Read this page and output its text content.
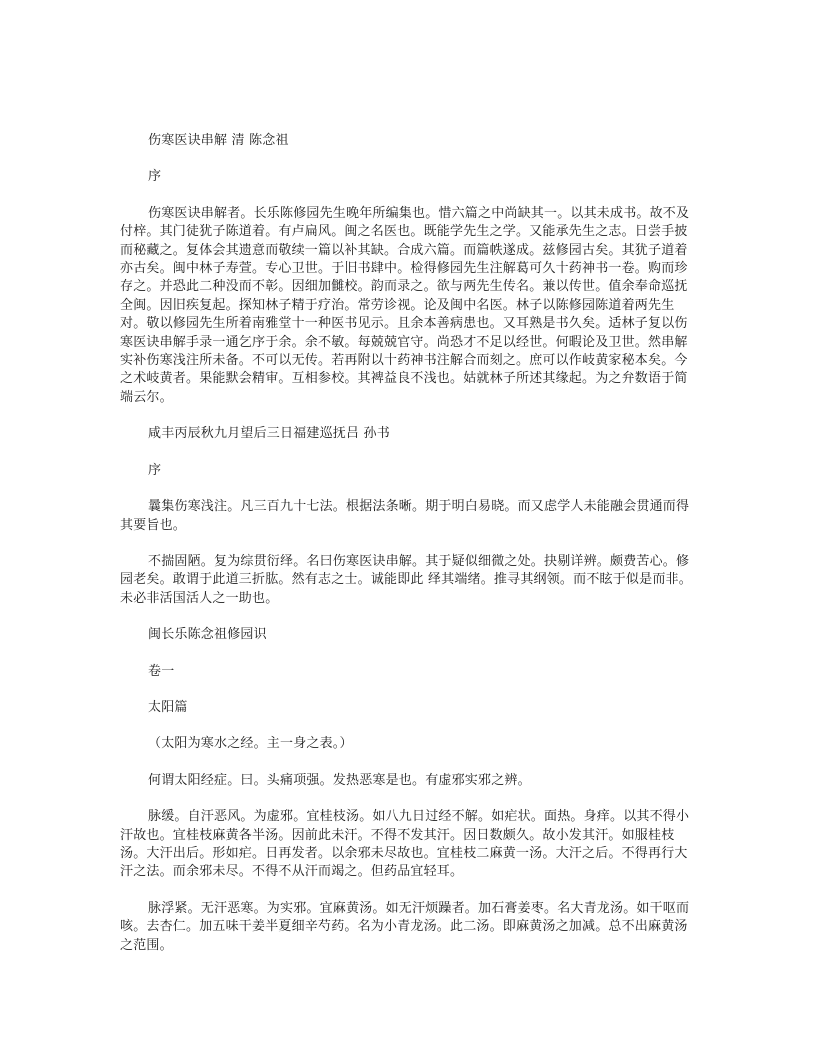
伤寒医诀串解 清 陈念祖

序

伤寒医诀串解者。长乐陈修园先生晚年所编集也。惜六篇之中尚缺其一。以其未成书。故不及付梓。其门徒犹子陈道着。有卢扁风。闽之名医也。既能学先生之学。又能承先生之志。日尝手披而秘藏之。复体会其遗意而敬续一篇以补其缺。合成六篇。而篇帙遂成。兹修园古矣。其犹子道着亦古矣。闽中林子寿萱。专心卫世。于旧书肆中。检得修园先生注解葛可久十药神书一卷。购而珍存之。并恐此二种没而不彰。因细加雠校。韵而录之。欲与两先生传名。兼以传世。值余奉命巡抚全闽。因旧疾复起。探知林子精于疗治。常劳诊视。论及闽中名医。林子以陈修园陈道着两先生对。敬以修园先生所着南雅堂十一种医书见示。且余本善病患也。又耳熟是书久矣。适林子复以伤寒医诀串解手录一通乞序于余。余不敏。每兢兢官守。尚恐才不足以经世。何暇论及卫世。然串解实补伤寒浅注所未备。不可以无传。若再附以十药神书注解合而刻之。庶可以作岐黄家秘本矣。今之术岐黄者。果能默会精审。互相参校。其裨益良不浅也。姑就林子所述其缘起。为之弁数语于简端云尔。

咸丰丙辰秋九月望后三日福建巡抚吕 孙书

序

曩集伤寒浅注。凡三百九十七法。根据法条晰。期于明白易晓。而又虑学人未能融会贯通而得其要旨也。

不揣固陋。复为综贯衍绎。名曰伤寒医诀串解。其于疑似细微之处。抉剔详辨。颇费苦心。修园老矣。敢谓于此道三折肱。然有志之士。诚能即此 绎其端绪。推寻其纲领。而不眩于似是而非。未必非活国活人之一助也。

闽长乐陈念祖修园识

卷一

太阳篇

（太阳为寒水之经。主一身之表。）

何谓太阳经症。曰。头痛项强。发热恶寒是也。有虚邪实邪之辨。

脉缓。自汗恶风。为虚邪。宜桂枝汤。如八九日过经不解。如疟状。面热。身痒。以其不得小汗故也。宜桂枝麻黄各半汤。因前此未汗。不得不发其汗。因日数颇久。故小发其汗。如服桂枝汤。大汗出后。形如疟。日再发者。以余邪未尽故也。宜桂枝二麻黄一汤。大汗之后。不得再行大汗之法。而余邪未尽。不得不从汗而竭之。但药品宜轻耳。

脉浮紧。无汗恶寒。为实邪。宜麻黄汤。如无汗烦躁者。加石膏姜枣。名大青龙汤。如干呕而咳。去杏仁。加五味干姜半夏细辛芍药。名为小青龙汤。此二汤。即麻黄汤之加减。总不出麻黄汤之范围。
